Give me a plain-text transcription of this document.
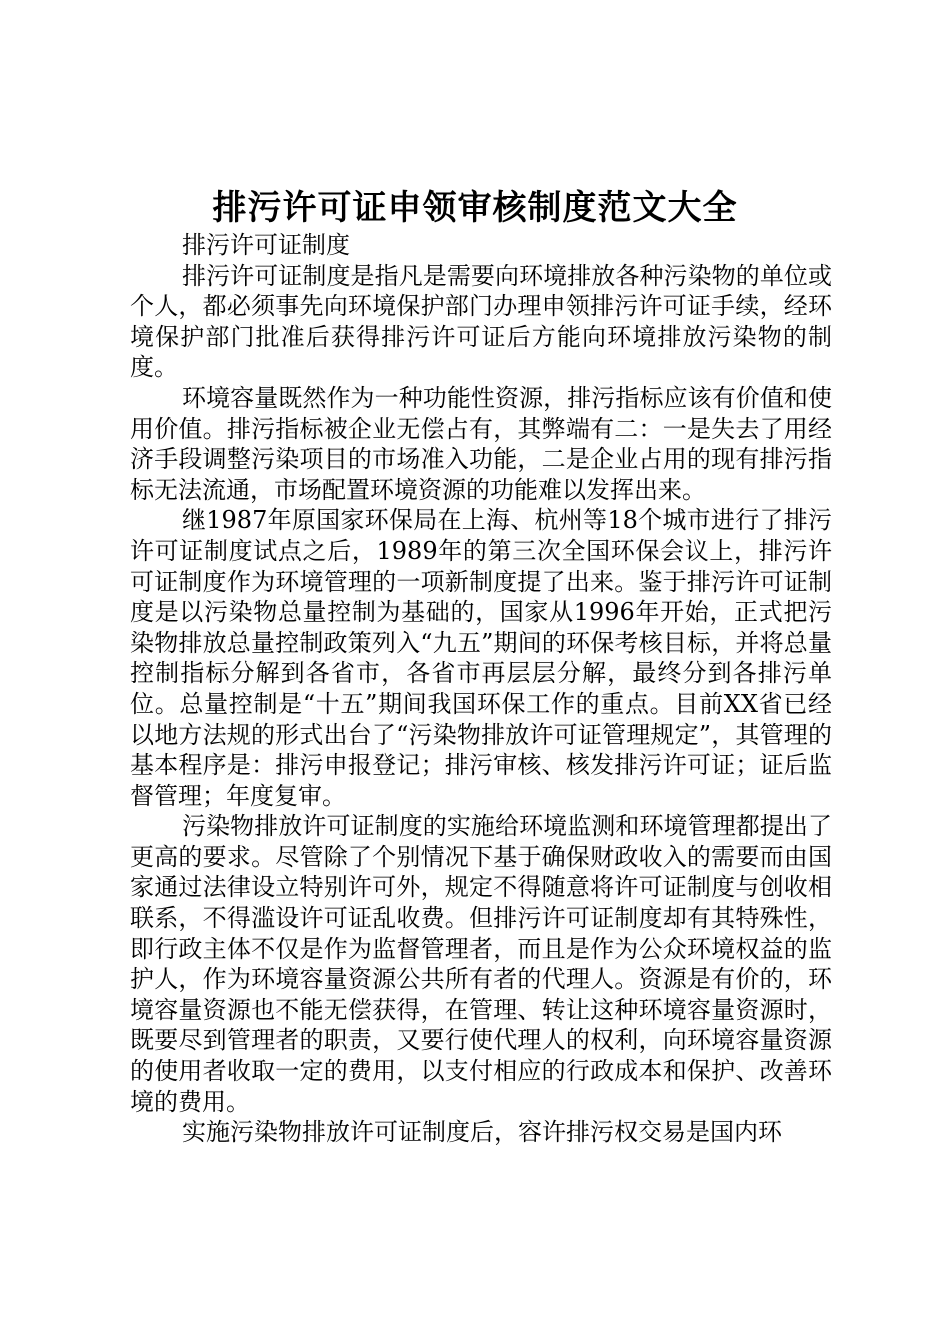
排污许可证申领审核制度范文大全

排污许可证制度

排污许可证制度是指凡是需要向环境排放各种污染物的单位或个人，都必须事先向环境保护部门办理申领排污许可证手续，经环境保护部门批准后获得排污许可证后方能向环境排放污染物的制度。

环境容量既然作为一种功能性资源，排污指标应该有价值和使用价值。排污指标被企业无偿占有，其弊端有二：一是失去了用经济手段调整污染项目的市场准入功能，二是企业占用的现有排污指标无法流通，市场配置环境资源的功能难以发挥出来。

继1987年原国家环保局在上海、杭州等18个城市进行了排污许可证制度试点之后，1989年的第三次全国环保会议上，排污许可证制度作为环境管理的一项新制度提了出来。鉴于排污许可证制度是以污染物总量控制为基础的，国家从1996年开始，正式把污染物排放总量控制政策列入“九五”期间的环保考核目标，并将总量控制指标分解到各省市，各省市再层层分解，最终分到各排污单位。总量控制是“十五”期间我国环保工作的重点。目前XX省已经以地方法规的形式出台了“污染物排放许可证管理规定”，其管理的基本程序是：排污申报登记；排污审核、核发排污许可证；证后监督管理；年度复审。

污染物排放许可证制度的实施给环境监测和环境管理都提出了更高的要求。尽管除了个别情况下基于确保财政收入的需要而由国家通过法律设立特别许可外，规定不得随意将许可证制度与创收相联系，不得滥设许可证乱收费。但排污许可证制度却有其特殊性，即行政主体不仅是作为监督管理者，而且是作为公众环境权益的监护人，作为环境容量资源公共所有者的代理人。资源是有价的，环境容量资源也不能无偿获得，在管理、转让这种环境容量资源时，既要尽到管理者的职责，又要行使代理人的权利，向环境容量资源的使用者收取一定的费用，以支付相应的行政成本和保护、改善环境的费用。

实施污染物排放许可证制度后，容许排污权交易是国内环
